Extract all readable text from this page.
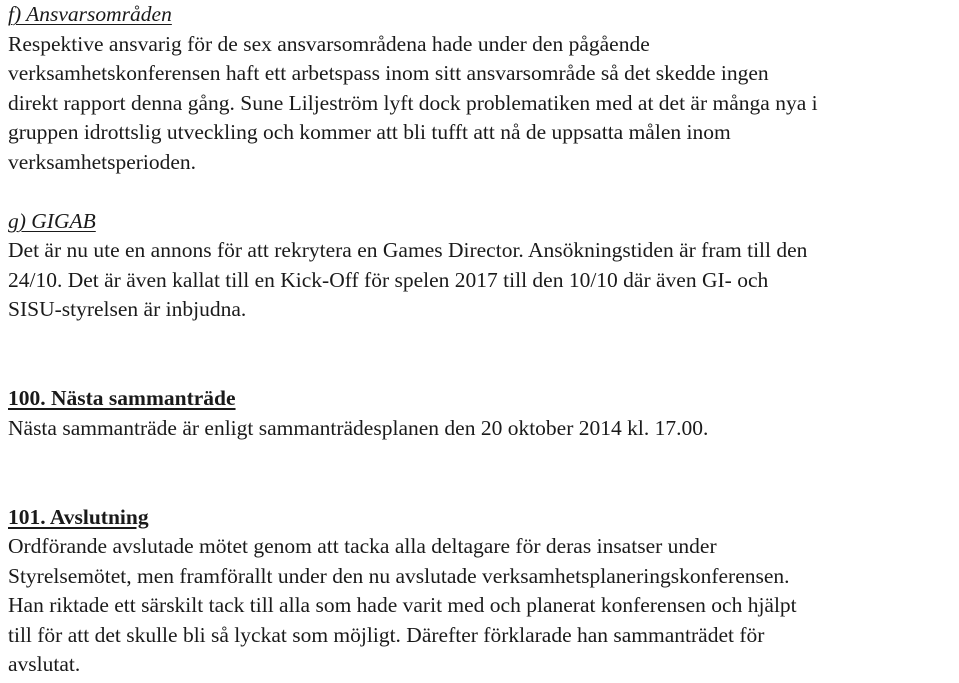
f) Ansvarsområden
Respektive ansvarig för de sex ansvarsområdena hade under den pågående
verksamhetskonferensen haft ett arbetspass inom sitt ansvarsområde så det skedde ingen
direkt rapport denna gång. Sune Liljeström lyft dock problematiken med at det är många nya i
gruppen idrottslig utveckling och kommer att bli tufft att nå de uppsatta målen inom
verksamhetsperioden.
g) GIGAB
Det är nu ute en annons för att rekrytera en Games Director. Ansökningstiden är fram till den
24/10. Det är även kallat till en Kick-Off för spelen 2017 till den 10/10 där även GI- och
SISU-styrelsen är inbjudna.
100. Nästa sammanträde
Nästa sammanträde är enligt sammanträdesplanen den 20 oktober 2014 kl. 17.00.
101. Avslutning
Ordförande avslutade mötet genom att tacka alla deltagare för deras insatser under
Styrelsemötet, men framförallt under den nu avslutade verksamhetsplaneringskonferensen.
Han riktade ett särskilt tack till alla som hade varit med och planerat konferensen och hjälpt
till för att det skulle bli så lyckat som möjligt. Därefter förklarade han sammanträdet för
avslutat.
